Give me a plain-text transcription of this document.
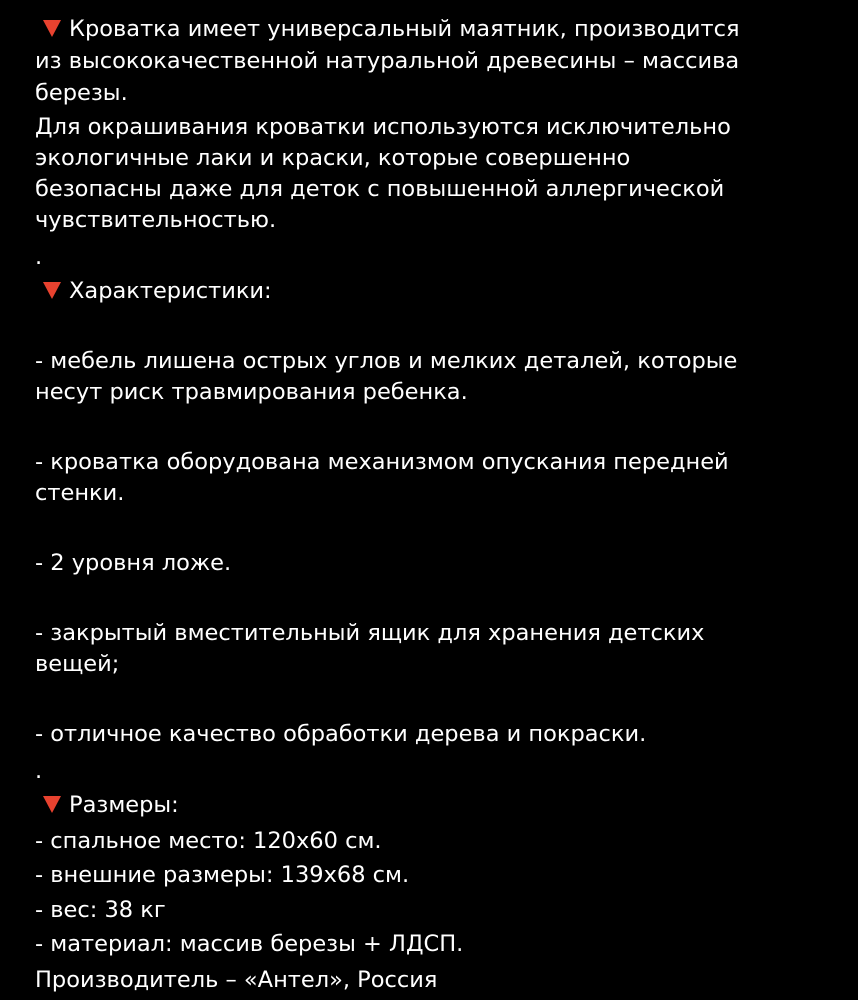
Кроватка имеет универсальный маятник, производится
из высококачественной натуральной древесины – массива
березы.
Для окрашивания кроватки используются исключительно
экологичные лаки и краски, которые совершенно
безопасны даже для деток с повышенной аллергической
чувствительностью.
.
Характеристики:
- мебель лишена острых углов и мелких деталей, которые
несут риск травмирования ребенка.
- кроватка оборудована механизмом опускания передней
стенки.
- 2 уровня ложе.
- закрытый вместительный ящик для хранения детских
вещей;
- отличное качество обработки дерева и покраски.
.
Размеры:
- спальное место: 120х60 см.
- внешние размеры: 139х68 см.
- вес: 38 кг
- материал: массив березы + ЛДСП.
Производитель – «Антел», Россия
